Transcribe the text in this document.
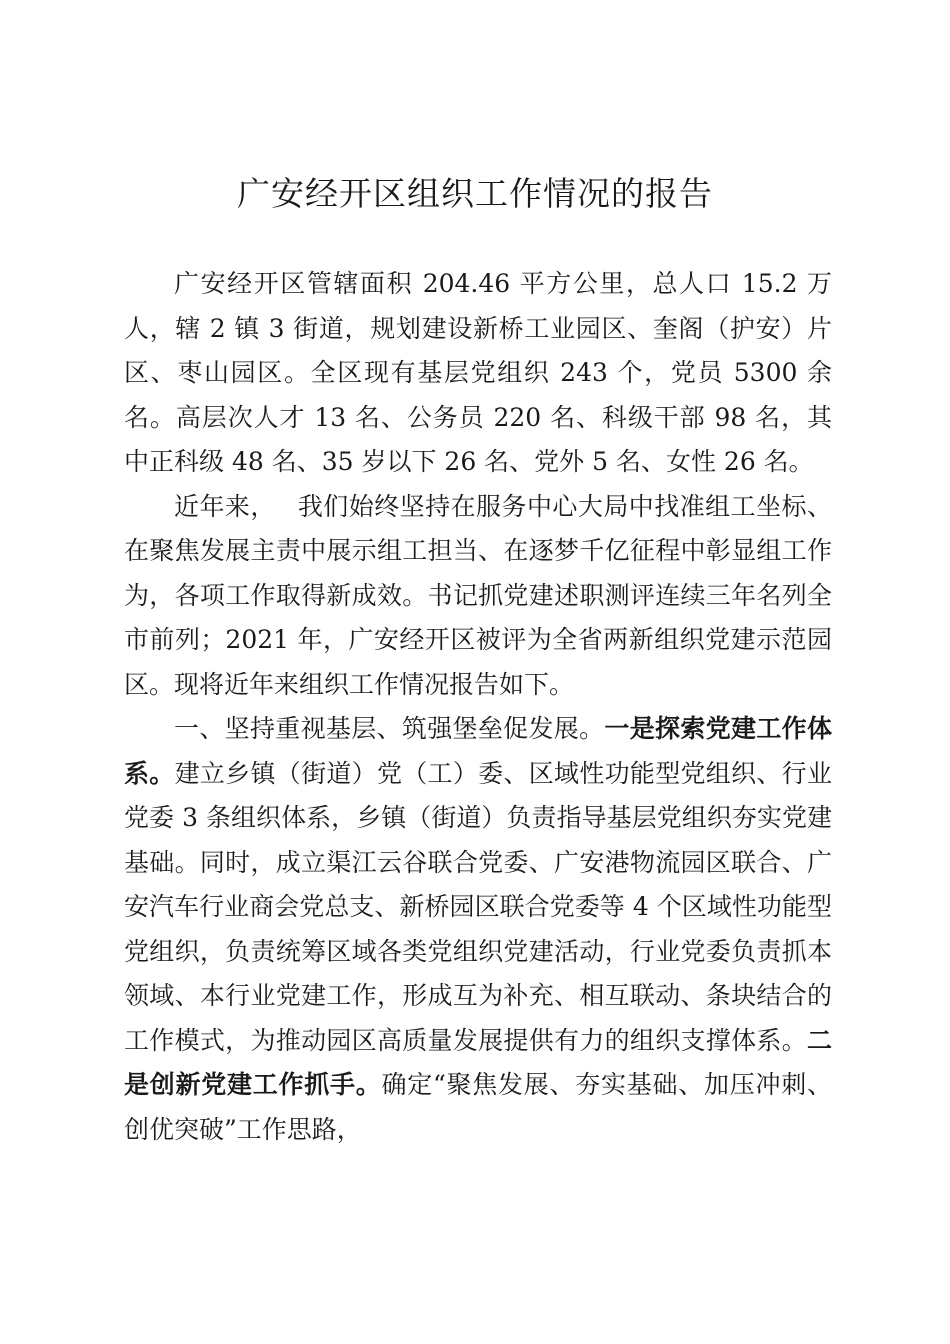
广安经开区组织工作情况的报告

广安经开区管辖面积 204.46 平方公里，总人口 15.2 万人，辖 2 镇 3 街道，规划建设新桥工业园区、奎阁（护安）片区、枣山园区。全区现有基层党组织 243 个，党员 5300 余名。高层次人才 13 名、公务员 220 名、科级干部 98 名，其中正科级 48 名、35 岁以下 26 名、党外 5 名、女性 26 名。

近年来， 我们始终坚持在服务中心大局中找准组工坐标、在聚焦发展主责中展示组工担当、在逐梦千亿征程中彰显组工作为，各项工作取得新成效。书记抓党建述职测评连续三年名列全市前列；2021 年，广安经开区被评为全省两新组织党建示范园区。现将近年来组织工作情况报告如下。

一、坚持重视基层、筑强堡垒促发展。一是探索党建工作体系。建立乡镇（街道）党（工）委、区域性功能型党组织、行业党委 3 条组织体系，乡镇（街道）负责指导基层党组织夯实党建基础。同时，成立渠江云谷联合党委、广安港物流园区联合、广安汽车行业商会党总支、新桥园区联合党委等 4 个区域性功能型党组织，负责统筹区域各类党组织党建活动，行业党委负责抓本领域、本行业党建工作，形成互为补充、相互联动、条块结合的工作模式，为推动园区高质量发展提供有力的组织支撑体系。二是创新党建工作抓手。确定“聚焦发展、夯实基础、加压冲刺、创优突破”工作思路，
